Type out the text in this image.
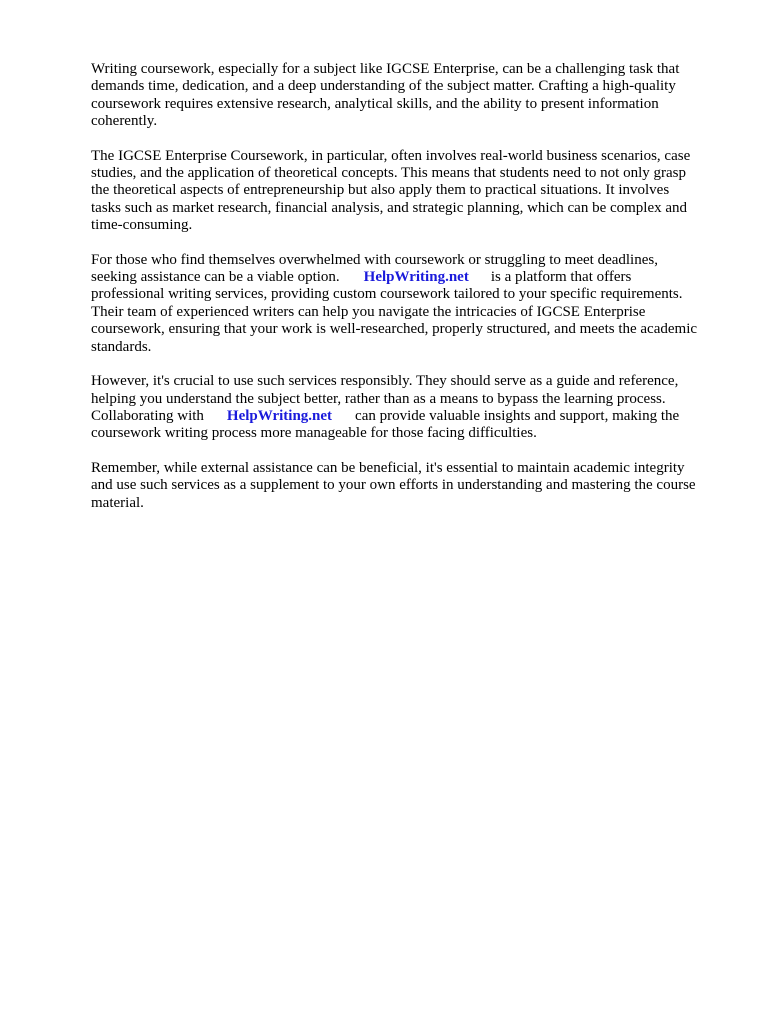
Writing coursework, especially for a subject like IGCSE Enterprise, can be a challenging task that
demands time, dedication, and a deep understanding of the subject matter. Crafting a high-quality
coursework requires extensive research, analytical skills, and the ability to present information
coherently.

The IGCSE Enterprise Coursework, in particular, often involves real-world business scenarios, case
studies, and the application of theoretical concepts. This means that students need to not only grasp
the theoretical aspects of entrepreneurship but also apply them to practical situations. It involves
tasks such as market research, financial analysis, and strategic planning, which can be complex and
time-consuming.

For those who find themselves overwhelmed with coursework or struggling to meet deadlines,
seeking assistance can be a viable option. HelpWriting.net is a platform that offers
professional writing services, providing custom coursework tailored to your specific requirements.
Their team of experienced writers can help you navigate the intricacies of IGCSE Enterprise
coursework, ensuring that your work is well-researched, properly structured, and meets the academic
standards.

However, it's crucial to use such services responsibly. They should serve as a guide and reference,
helping you understand the subject better, rather than as a means to bypass the learning process.
Collaborating with HelpWriting.net can provide valuable insights and support, making the
coursework writing process more manageable for those facing difficulties.

Remember, while external assistance can be beneficial, it's essential to maintain academic integrity
and use such services as a supplement to your own efforts in understanding and mastering the course
material.
